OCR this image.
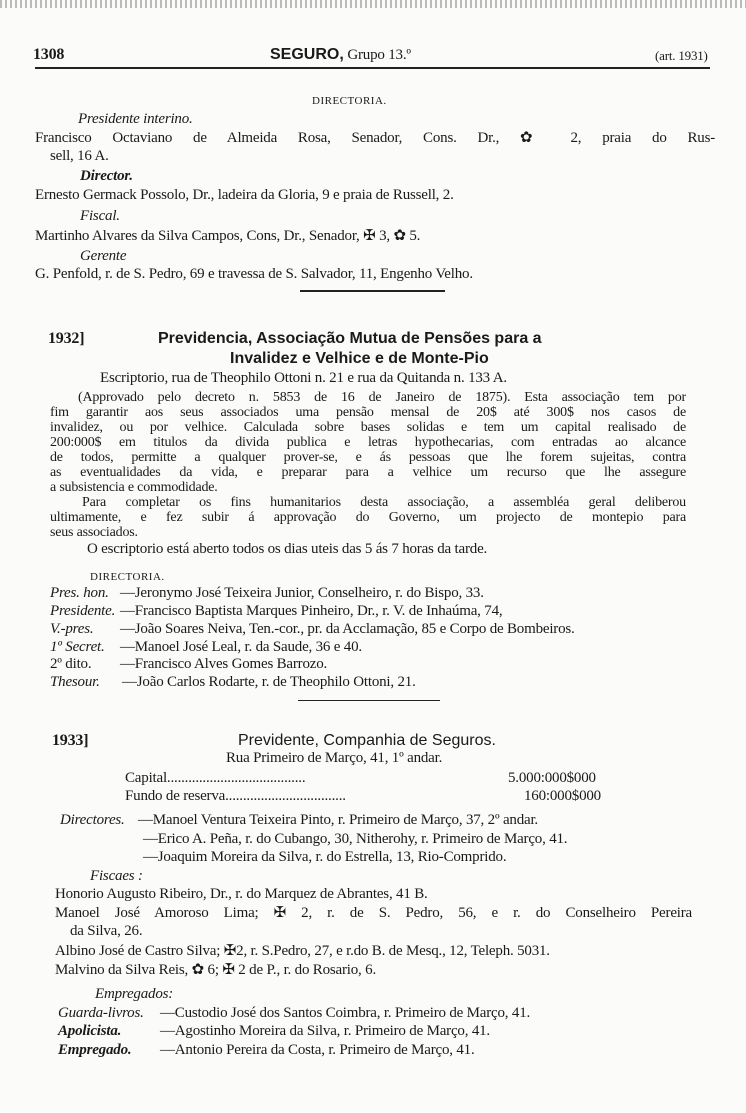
1308	SEGURO, Grupo 13.º	(art. 1931)
DIRECTORIA.
Presidente interino.
Francisco Octaviano de Almeida Rosa, Senador, Cons. Dr., ✿ 2, praia do Rus-
sell, 16 A.
Director.
Ernesto Germack Possolo, Dr., ladeira da Gloria, 9 e praia de Russell, 2.
Fiscal.
Martinho Alvares da Silva Campos, Cons, Dr., Senador, ✠ 3, ✿ 5.
Gerente
G. Penfold, r. de S. Pedro, 69 e travessa de S. Salvador, 11, Engenho Velho.
1932]	Previdencia, Associação Mutua de Pensões para a
Invalidez e Velhice e de Monte-Pio
Escriptorio, rua de Theophilo Ottoni n. 21 e rua da Quitanda n. 133 A.
(Approvado pelo decreto n. 5853 de 16 de Janeiro de 1875). Esta associação tem por
fim garantir aos seus associados uma pensão mensal de 20$ até 300$ nos casos de
invalidez, ou por velhice. Calculada sobre bases solidas e tem um capital realisado de
200:000$ em titulos da divida publica e letras hypothecarias, com entradas ao alcance
de todos, permitte a qualquer prover-se, e ás pessoas que lhe forem sujeitas, contra
as eventualidades da vida, e preparar para a velhice um recurso que lhe assegure
a subsistencia e commodidade.
Para completar os fins humanitarios desta associação, a assembléa geral deliberou
ultimamente, e fez subir á approvação do Governo, um projecto de montepio para
seus associados.
O escriptorio está aberto todos os dias uteis das 5 ás 7 horas da tarde.
DIRECTORIA.
Pres. hon. —Jeronymo José Teixeira Junior, Conselheiro, r. do Bispo, 33.
Presidente. —Francisco Baptista Marques Pinheiro, Dr., r. V. de Inhaúma, 74,
V.-pres. —João Soares Neiva, Ten.-cor., pr. da Acclamação, 85 e Corpo de Bombeiros.
1º Secret. —Manoel José Leal, r. da Saude, 36 e 40.
2º dito. —Francisco Alves Gomes Barrozo.
Thesour. —João Carlos Rodarte, r. de Theophilo Ottoni, 21.
1933]	Previdente, Companhia de Seguros.
Rua Primeiro de Março, 41, 1º andar.
Capital.......................................	5.000:000$000
Fundo de reserva..................................	160:000$000
Directores. —Manoel Ventura Teixeira Pinto, r. Primeiro de Março, 37, 2º andar.
—Erico A. Peña, r. do Cubango, 30, Nitherohy, r. Primeiro de Março, 41.
—Joaquim Moreira da Silva, r. do Estrella, 13, Rio-Comprido.
Fiscaes :
Honorio Augusto Ribeiro, Dr., r. do Marquez de Abrantes, 41 B.
Manoel José Amoroso Lima; ✠ 2, r. de S. Pedro, 56, e r. do Conselheiro Pereira
da Silva, 26.
Albino José de Castro Silva; ✠2, r. S.Pedro, 27, e r.do B. de Mesq., 12, Teleph. 5031.
Malvino da Silva Reis, ✿ 6; ✠ 2 de P., r. do Rosario, 6.
Empregados:
Guarda-livros. —Custodio José dos Santos Coimbra, r. Primeiro de Março, 41.
Apolicista.	—Agostinho Moreira da Silva, r. Primeiro de Março, 41.
Empregado. —Antonio Pereira da Costa, r. Primeiro de Março, 41.
